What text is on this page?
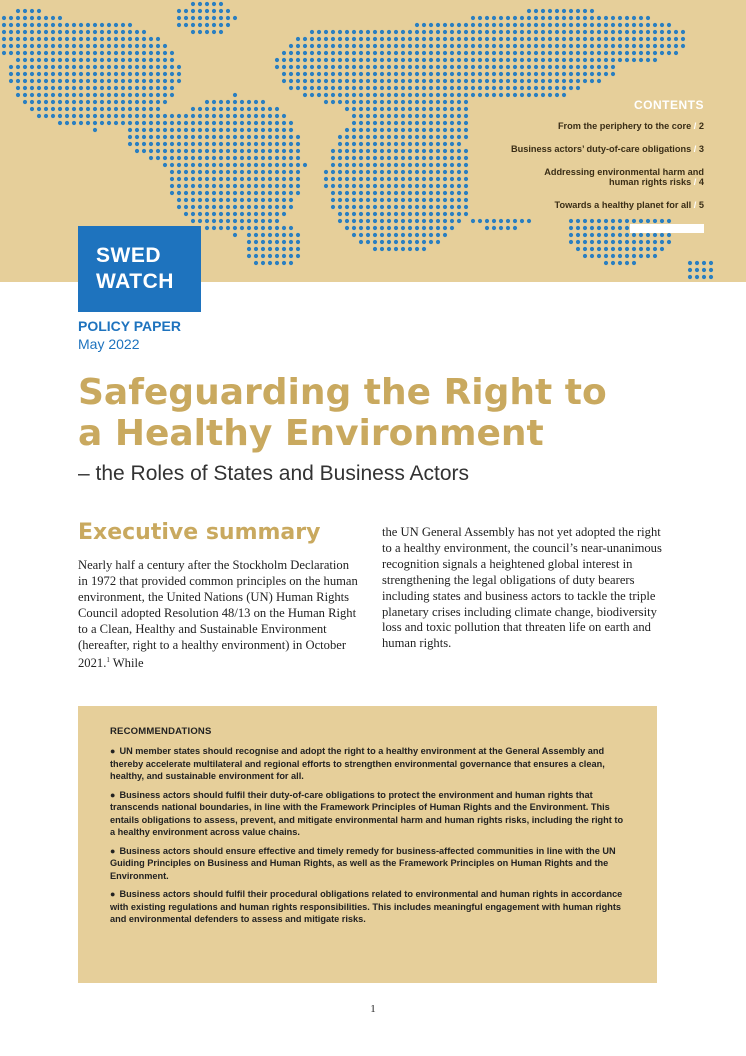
CONTENTS
From the periphery to the core / 2
Business actors’ duty-of-care obligations / 3
Addressing environmental harm and human rights risks / 4
Towards a healthy planet for all / 5
SWED
WATCH
POLICY PAPER
May 2022
Safeguarding the Right to
a Healthy Environment
– the Roles of States and Business Actors
Executive summary
Nearly half a century after the Stockholm Declaration in 1972 that provided common principles on the human environment, the United Nations (UN) Human Rights Council adopted Resolution 48/13 on the Human Right to a Clean, Healthy and Sustainable Environment (hereafter, right to a healthy environment) in October 2021.$^1$ While
the UN General Assembly has not yet adopted the right to a healthy environment, the council’s near-unanimous recognition signals a heightened global interest in strengthening the legal obligations of duty bearers including states and business actors to tackle the triple planetary crises including climate change, biodiversity loss and toxic pollution that threaten life on earth and human rights.
RECOMMENDATIONS
● UN member states should recognise and adopt the right to a healthy environment at the General Assembly and thereby accelerate multilateral and regional efforts to strengthen environmental governance that ensures a clean, healthy, and sustainable environment for all.
● Business actors should fulfil their duty-of-care obligations to protect the environment and human rights that transcends national boundaries, in line with the Framework Principles of Human Rights and the Environment. This entails obligations to assess, prevent, and mitigate environmental harm and human rights risks, including the right to a healthy environment across value chains.
● Business actors should ensure effective and timely remedy for business-affected communities in line with the UN Guiding Principles on Business and Human Rights, as well as the Framework Principles on Human Rights and the Environment.
● Business actors should fulfil their procedural obligations related to environmental and human rights in accordance with existing regulations and human rights responsibilities. This includes meaningful engagement with human rights and environmental defenders to assess and mitigate risks.
1
